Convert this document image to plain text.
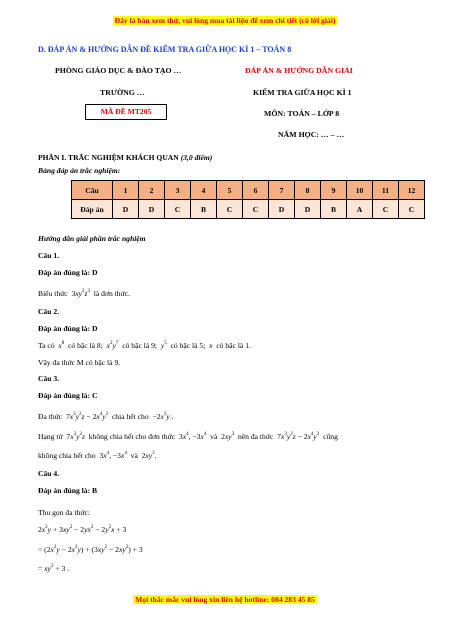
Đây là bản xem thử, vui lòng mua tài liệu để xem chi tiết (có lời giải)
D. ĐÁP ÁN & HƯỚNG DẪN ĐỀ KIỂM TRA GIỮA HỌC KÌ 1 – TOÁN 8
PHÒNG GIÁO DỤC & ĐÀO TẠO …	ĐÁP ÁN & HƯỚNG DẪN GIẢI
TRƯỜNG …	KIỂM TRA GIỮA HỌC KÌ 1
MÃ ĐỀ MT205	MÔN: TOÁN – LỚP 8
NĂM HỌC: … – …
PHẦN I. TRẮC NGHIỆM KHÁCH QUAN (3,0 điểm)
Bảng đáp án trắc nghiệm:
Câu	1	2	3	4	5	6	7	8	9	10	11	12
Đáp án	D	D	C	B	C	C	D	D	B	A	C	C
Hướng dẫn giải phần trắc nghiệm
Câu 1.
Đáp án đúng là: D
Biểu thức  $3xy^2z^3$ là đơn thức.
Câu 2.
Đáp án đúng là: D
Ta có $x^8$ có bậc là 8; $x^2y^7$ có bậc là 9; $y^5$ có bậc là 5; x có bậc là 1.
Vậy đa thức M có bậc là 9.
Câu 3.
Đáp án đúng là: C
Đa thức  $7x^3y^2z - 2x^4y^3$ chia hết cho  $-2x^3y$ .
Hạng tử  $7x^3y^2z$ không chia hết cho đơn thức  $3x^4$, $-3x^4$ và  $2xy^3$ nên đa thức  $7x^3y^2z - 2x^4y^3$ cũng
không chia hết cho  $3x^4$, $-3x^4$ và  $2xy^3$.
Câu 4.
Đáp án đúng là: B
Thu gọn đa thức:
$2x^2y + 3xy^2 - 2yx^2 - 2y^2x + 3$
= $(2x^2y - 2x^2y) + (3xy^2 - 2xy^2) + 3$
= $xy^2 + 3$ .
Mọi thắc mắc vui lòng xin liên hệ hotline: 084 283 45 85
